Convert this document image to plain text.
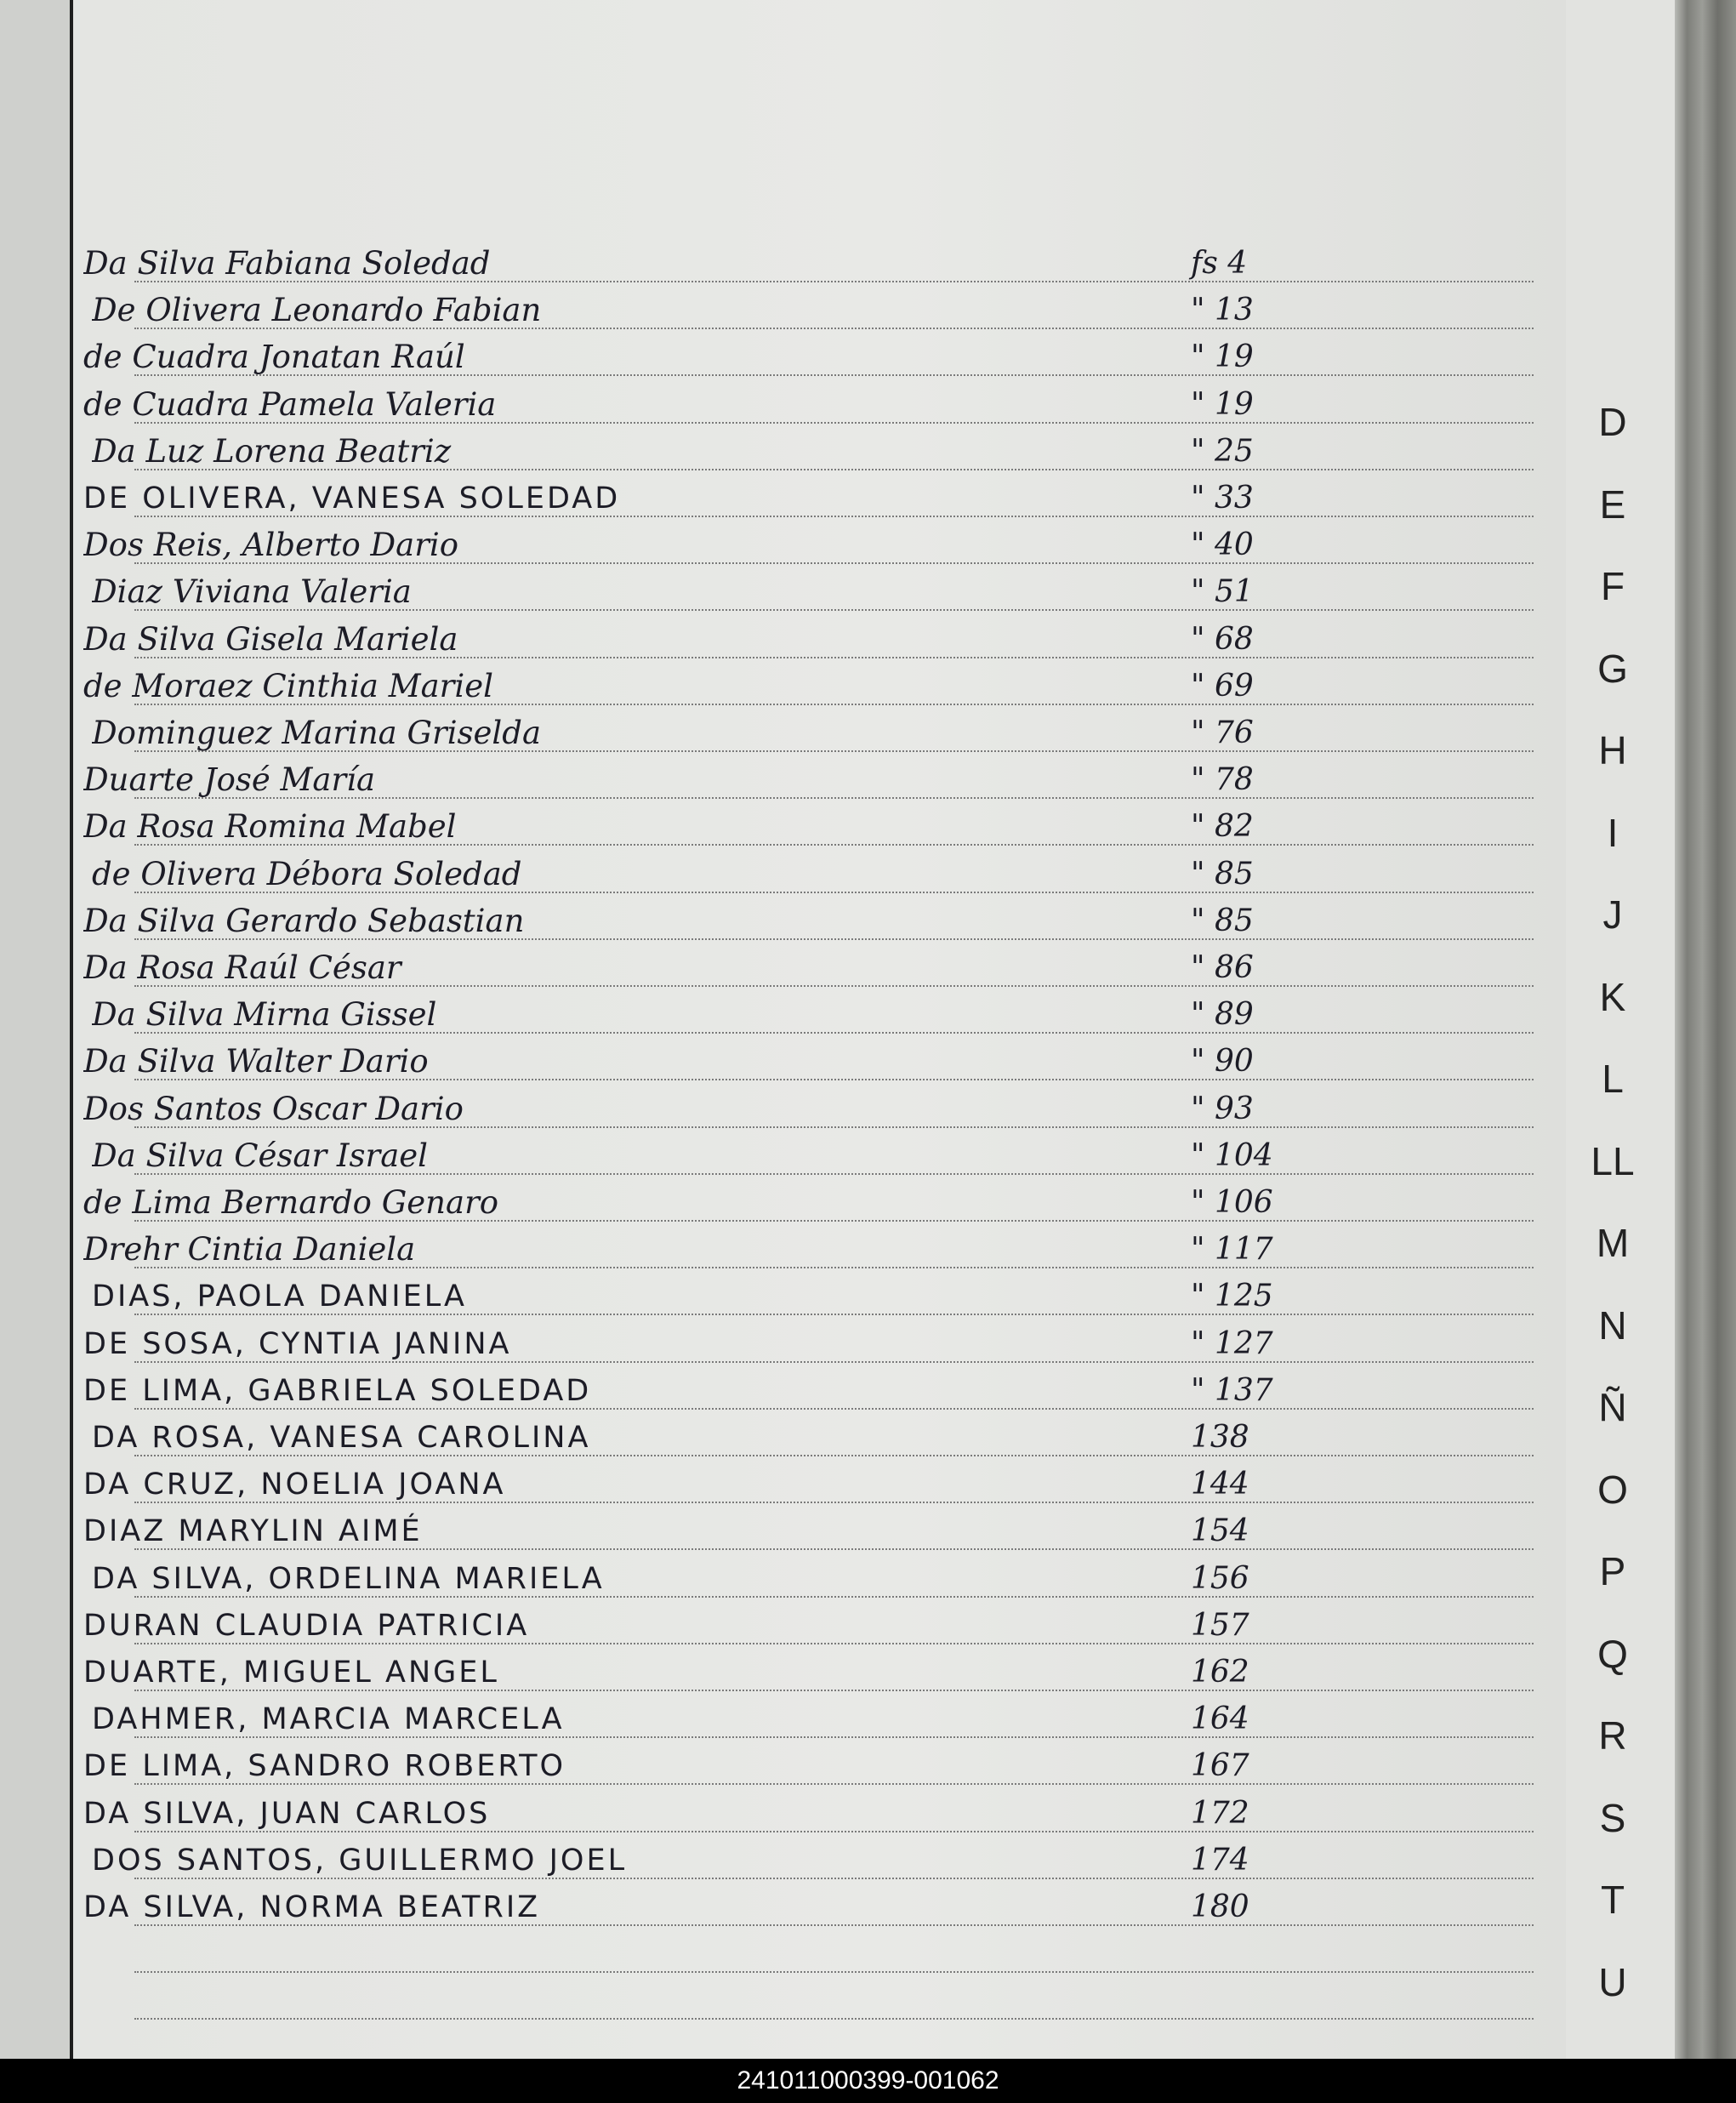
Da Silva Fabiana Soledad	fs 4
De Olivera Leonardo Fabian	" 13
de Cuadra Jonatan Raúl	" 19
de Cuadra Pamela Valeria	" 19
Da Luz Lorena Beatriz	" 25
DE OLIVERA, VANESA SOLEDAD	" 33
Dos Reis, Alberto Dario	" 40
Diaz Viviana Valeria	" 51
Da Silva Gisela Mariela	" 68
de Moraez Cinthia Mariel	" 69
Dominguez Marina Griselda	" 76
Duarte José María	" 78
Da Rosa Romina Mabel	" 82
de Olivera Débora Soledad	" 85
Da Silva Gerardo Sebastian	" 85
Da Rosa Raúl César	" 86
Da Silva Mirna Gissel	" 89
Da Silva Walter Dario	" 90
Dos Santos Oscar Dario	" 93
Da Silva César Israel	" 104
de Lima Bernardo Genaro	" 106
Drehr Cintia Daniela	" 117
DIAS, PAOLA DANIELA	" 125
DE SOSA, CYNTIA JANINA	" 127
DE LIMA, GABRIELA SOLEDAD	" 137
DA ROSA, VANESA CAROLINA	138
DA CRUZ, NOELIA JOANA	144
DIAZ MARYLIN AIMÉ	154
DA SILVA, ORDELINA MARIELA	156
DURAN CLAUDIA PATRICIA	157
DUARTE, MIGUEL ANGEL	162
DAHMER, MARCIA MARCELA	164
DE LIMA, SANDRO ROBERTO	167
DA SILVA, JUAN CARLOS	172
DOS SANTOS, GUILLERMO JOEL	174
DA SILVA, NORMA BEATRIZ	180
241011000399-001062
D
E
F
G
H
I
J
K
L
LL
M
N
Ñ
O
P
Q
R
S
T
U
